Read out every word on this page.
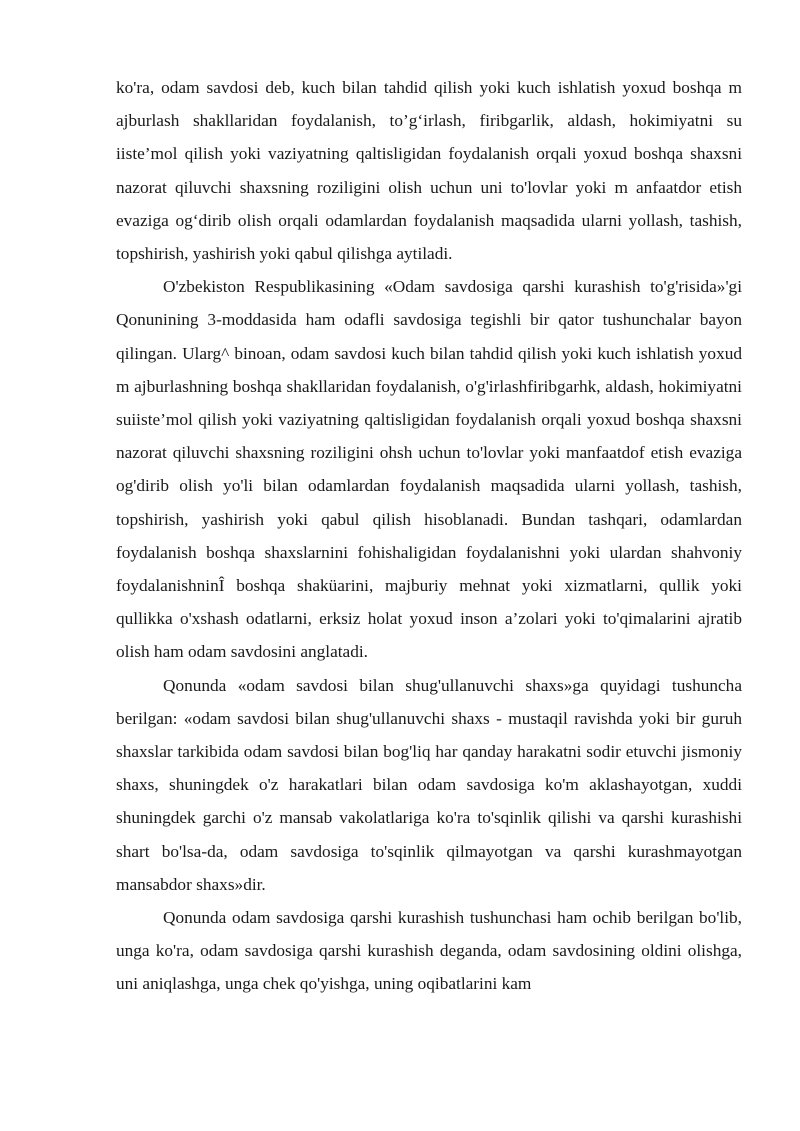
ko'ra, odam savdosi deb, kuch bilan tahdid qilish yoki kuch ishlatish yoxud boshqa m ajburlash shakllaridan foydalanish, to’g‘irlash, firibgarlik, aldash, hokimiyatni su iiste’mol qilish yoki vaziyatning qaltisligidan foydalanish orqali yoxud boshqa shaxsni nazorat qiluvchi shaxsning roziligini olish uchun uni to'lovlar yoki m anfaatdor etish evaziga og‘dirib olish orqali odamlardan foydalanish maqsadida ularni yollash, tashish, topshirish, yashirish yoki qabul qilishga aytiladi.

O'zbekiston Respublikasining «Odam savdosiga qarshi kurashish to'g'risida»'gi Qonunining 3-moddasida ham odafli savdosiga tegishli bir qator tushunchalar bayon qilingan. Ularg^ binoan, odam savdosi kuch bilan tahdid qilish yoki kuch ishlatish yoxud m ajburlashning boshqa shakllaridan foydalanish, o'g'irlashfiribgarhk, aldash, hokimiyatni suiiste’mol qilish yoki vaziyatning qaltisligidan foydalanish orqali yoxud boshqa shaxsni nazorat qiluvchi shaxsning roziligini ohsh uchun to'lovlar yoki manfaatdof etish evaziga og'dirib olish yo'li bilan odamlardan foydalanish maqsadida ularni yollash, tashish, topshirish, yashirish yoki qabul qilish hisoblanadi. Bundan tashqari, odamlardan foydalanish boshqa shaxslarnini fohishaligidan foydalanishni yoki ulardan shahvoniy foydalanishninÎ boshqa shaküarini, majburiy mehnat yoki xizmatlarni, qullik yoki qullikka o'xshash odatlarni, erksiz holat yoxud inson a’zolari yoki to'qimalarini ajratib olish ham odam savdosini anglatadi.

Qonunda «odam savdosi bilan shug'ullanuvchi shaxs»ga quyidagi tushuncha berilgan: «odam savdosi bilan shug'ullanuvchi shaxs - mustaqil ravishda yoki bir guruh shaxslar tarkibida odam savdosi bilan bog'liq har qanday harakatni sodir etuvchi jismoniy shaxs, shuningdek o'z harakatlari bilan odam savdosiga ko'm aklashayotgan, xuddi shuningdek garchi o'z mansab vakolatlariga ko'ra to'sqinlik qilishi va qarshi kurashishi shart bo'lsa-da, odam savdosiga to'sqinlik qilmayotgan va qarshi kurashmayotgan mansabdor shaxs»dir.

Qonunda odam savdosiga qarshi kurashish tushunchasi ham ochib berilgan bo'lib, unga ko'ra, odam savdosiga qarshi kurashish deganda, odam savdosining oldini olishga, uni aniqlashga, unga chek qo'yishga, uning oqibatlarini kam
